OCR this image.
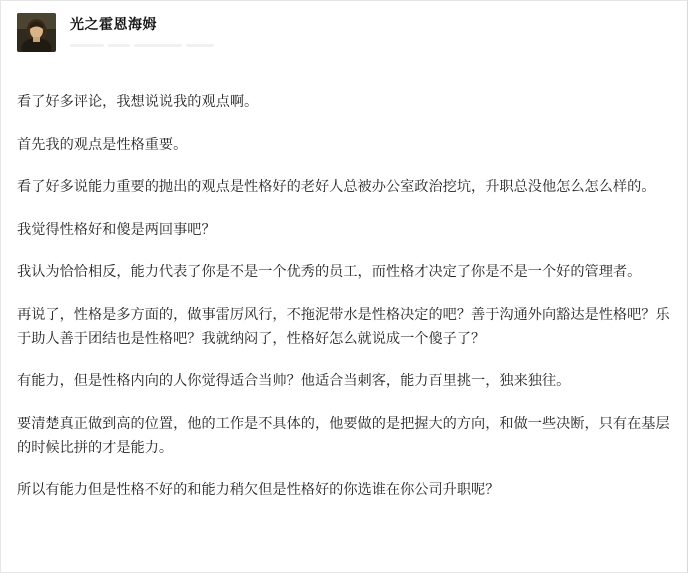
光之霍恩海姆

看了好多评论，我想说说我的观点啊。

首先我的观点是性格重要。

看了好多说能力重要的抛出的观点是性格好的老好人总被办公室政治挖坑，升职总没他怎么怎么样的。

我觉得性格好和傻是两回事吧？

我认为恰恰相反，能力代表了你是不是一个优秀的员工，而性格才决定了你是不是一个好的管理者。

再说了，性格是多方面的，做事雷厉风行，不拖泥带水是性格决定的吧？善于沟通外向豁达是性格吧？乐于助人善于团结也是性格吧？我就纳闷了，性格好怎么就说成一个傻子了？

有能力，但是性格内向的人你觉得适合当帅？他适合当刺客，能力百里挑一，独来独往。

要清楚真正做到高的位置，他的工作是不具体的，他要做的是把握大的方向，和做一些决断，只有在基层的时候比拼的才是能力。

所以有能力但是性格不好的和能力稍欠但是性格好的你选谁在你公司升职呢？
